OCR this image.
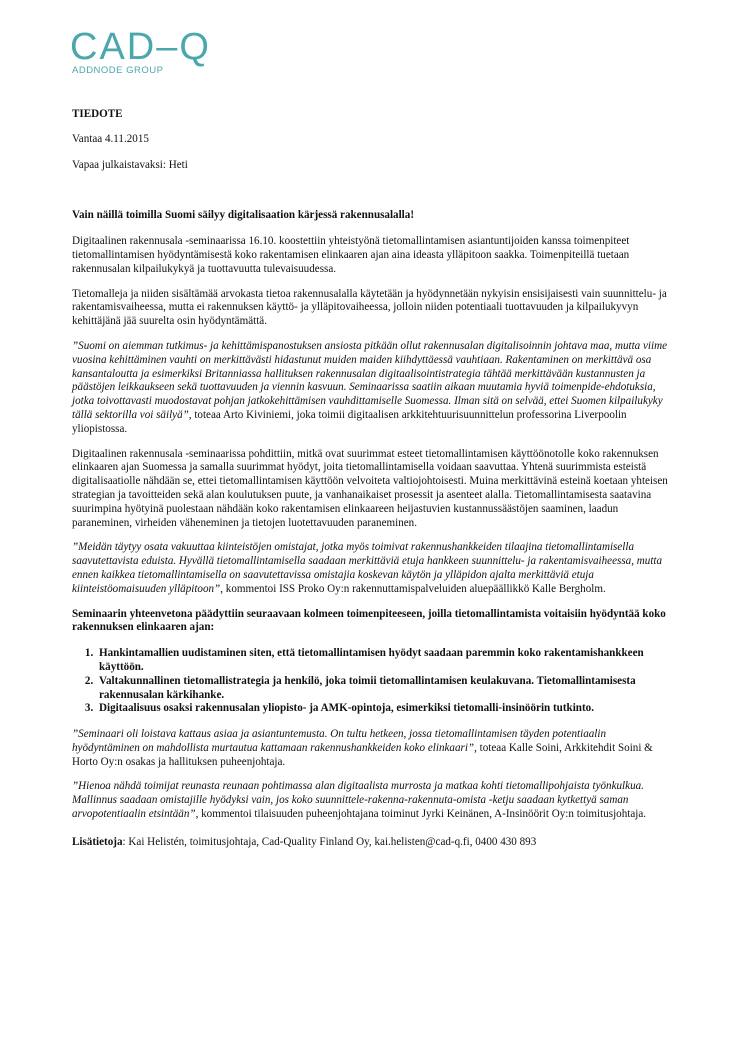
CAD–Q
ADDNODE GROUP
TIEDOTE
Vantaa 4.11.2015
Vapaa julkaistavaksi: Heti
Vain näillä toimilla Suomi säilyy digitalisaation kärjessä rakennusalalla!

Digitaalinen rakennusala -seminaarissa 16.10. koostettiin yhteistyönä tietomallintamisen asiantuntijoiden kanssa toimenpiteet tietomallintamisen hyödyntämisestä koko rakentamisen elinkaaren ajan aina ideasta ylläpitoon saakka. Toimenpiteillä tuetaan rakennusalan kilpailukykyä ja tuottavuutta tulevaisuudessa.

Tietomalleja ja niiden sisältämää arvokasta tietoa rakennusalalla käytetään ja hyödynnetään nykyisin ensisijaisesti vain suunnittelu- ja rakentamisvaiheessa, mutta ei rakennuksen käyttö- ja ylläpitovaiheessa, jolloin niiden potentiaali tuottavuuden ja kilpailukyvyn kehittäjänä jää suurelta osin hyödyntämättä.

”Suomi on aiemman tutkimus- ja kehittämispanostuksen ansiosta pitkään ollut rakennusalan digitalisoinnin johtava maa, mutta viime vuosina kehittäminen vauhti on merkittävästi hidastunut muiden maiden kiihdyttäessä vauhtiaan. Rakentaminen on merkittävä osa kansantaloutta ja esimerkiksi Britanniassa hallituksen rakennusalan digitaalisointistrategia tähtää merkittävään kustannusten ja päästöjen leikkaukseen sekä tuottavuuden ja viennin kasvuun. Seminaarissa saatiin aikaan muutamia hyviä toimenpide-ehdotuksia, jotka toivottavasti muodostavat pohjan jatkokehittämisen vauhdittamiselle Suomessa. Ilman sitä on selvää, ettei Suomen kilpailukyky tällä sektorilla voi säilyä”, toteaa Arto Kiviniemi, joka toimii digitaalisen arkkitehtuurisuunnittelun professorina Liverpoolin yliopistossa.

Digitaalinen rakennusala -seminaarissa pohdittiin, mitkä ovat suurimmat esteet tietomallintamisen käyttöönotolle koko rakennuksen elinkaaren ajan Suomessa ja samalla suurimmat hyödyt, joita tietomallintamisella voidaan saavuttaa. Yhtenä suurimmista esteistä digitalisaatiolle nähdään se, ettei tietomallintamisen käyttöön velvoiteta valtiojohtoisesti. Muina merkittävinä esteinä koetaan yhteisen strategian ja tavoitteiden sekä alan koulutuksen puute, ja vanhanaikaiset prosessit ja asenteet alalla. Tietomallintamisesta saatavina suurimpina hyötyinä puolestaan nähdään koko rakentamisen elinkaareen heijastuvien kustannussäästöjen saaminen, laadun paraneminen, virheiden väheneminen ja tietojen luotettavuuden paraneminen.

”Meidän täytyy osata vakuuttaa kiinteistöjen omistajat, jotka myös toimivat rakennushankkeiden tilaajina tietomallintamisella saavutettavista eduista. Hyvällä tietomallintamisella saadaan merkittäviä etuja hankkeen suunnittelu- ja rakentamisvaiheessa, mutta ennen kaikkea tietomallintamisella on saavutettavissa omistajia koskevan käytön ja ylläpidon ajalta merkittäviä etuja kiinteistöomaisuuden ylläpitoon”, kommentoi ISS Proko Oy:n rakennuttamispalveluiden aluepäällikkö Kalle Bergholm.

Seminaarin yhteenvetona päädyttiin seuraavaan kolmeen toimenpiteeseen, joilla tietomallintamista voitaisiin hyödyntää koko rakennuksen elinkaaren ajan:

1. Hankintamallien uudistaminen siten, että tietomallintamisen hyödyt saadaan paremmin koko rakentamishankkeen käyttöön.
2. Valtakunnallinen tietomallistrategia ja henkilö, joka toimii tietomallintamisen keulakuvana. Tietomallintamisesta rakennusalan kärkihanke.
3. Digitaalisuus osaksi rakennusalan yliopisto- ja AMK-opintoja, esimerkiksi tietomalli-insinöörin tutkinto.

”Seminaari oli loistava kattaus asiaa ja asiantuntemusta. On tultu hetkeen, jossa tietomallintamisen täyden potentiaalin hyödyntäminen on mahdollista murtautua kattamaan rakennushankkeiden koko elinkaari”, toteaa Kalle Soini, Arkkitehdit Soini & Horto Oy:n osakas ja hallituksen puheenjohtaja.

”Hienoa nähdä toimijat reunasta reunaan pohtimassa alan digitaalista murrosta ja matkaa kohti tietomallipohjaista työnkulkua. Mallinnus saadaan omistajille hyödyksi vain, jos koko suunnittele-rakenna-rakennuta-omista -ketju saadaan kytkettyä saman arvopotentiaalin etsintään”, kommentoi tilaisuuden puheenjohtajana toiminut Jyrki Keinänen, A-Insinöörit Oy:n toimitusjohtaja.

Lisätietoja: Kai Helistén, toimitusjohtaja, Cad-Quality Finland Oy, kai.helisten@cad-q.fi, 0400 430 893
